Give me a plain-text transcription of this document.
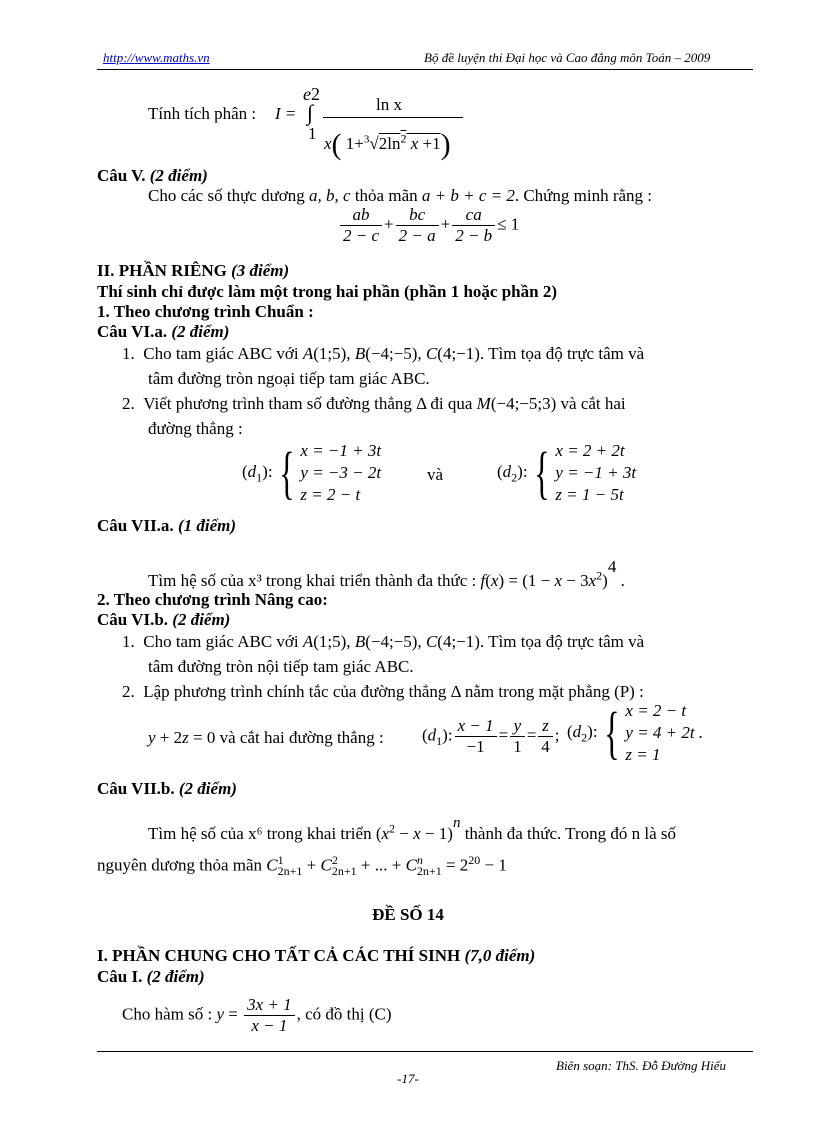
http://www.maths.vn	Bộ đề luyện thi Đại học và Cao đẳng môn Toán – 2009
Tính tích phân : I =
e2
∫
1
ln x
x( $1+^3√2\ln^2$ x +1)
Câu V. (2 điểm)
Cho các số thực dương a, b, c thỏa mãn a + b + c = 2. Chứng minh rằng :
$\frac{ab}{2 - c} + \frac{bc}{2 - a} + \frac{ca}{2 - b} \le 1$
II. PHẦN RIÊNG (3 điểm)
Thí sinh chỉ được làm một trong hai phần (phần 1 hoặc phần 2)
1. Theo chương trình Chuẩn :
Câu VI.a. (2 điểm)
1.  Cho tam giác ABC với A(1;5), B(−4;−5), C(4;−1). Tìm tọa độ trực tâm và
tâm đường tròn ngoại tiếp tam giác ABC.
2.  Viết phương trình tham số đường thẳng Δ đi qua M(−4;−5;3) và cắt hai
đường thẳng :
$(d_1)$: { x = −1 + 3t
y = −3 − 2t
z = 2 − t
và	$(d_2)$: { x = 2 + 2t
y = −1 + 3t
z = 1 − 5t
Câu VII.a. (1 điểm)
Tìm hệ số của x³ trong khai triển thành đa thức : $f(x) = (1 - x - 3x^2)^4$ .
2. Theo chương trình Nâng cao:
Câu VI.b. (2 điểm)
1.  Cho tam giác ABC với A(1;5), B(−4;−5), C(4;−1). Tìm tọa độ trực tâm và
tâm đường tròn nội tiếp tam giác ABC.
2.  Lập phương trình chính tắc của đường thẳng Δ nằm trong mặt phẳng (P) :
y + 2z = 0 và cắt hai đường thẳng : $(d_1)$: $\frac{x - 1}{-1} = \frac{y}{1} = \frac{z}{4}$ ; $(d_2)$: { x = 2 − t
y = 4 + 2t .
z = 1
Câu VII.b. (2 điểm)
Tìm hệ số của x⁶ trong khai triển $(x^2 - x - 1)^n$ thành đa thức. Trong đó n là số
nguyên dương thỏa mãn $C^1_{2n+1} + C^2_{2n+1}$ + ... + $C^n_{2n+1} = 2^{20} - 1$
ĐỀ SỐ 14
I. PHẦN CHUNG CHO TẤT CẢ CÁC THÍ SINH (7,0 điểm)
Câu I. (2 điểm)
Cho hàm số : $y = \frac{3x + 1}{x - 1}$ , có đồ thị (C)
Biên soạn: ThS. Đỗ Đường Hiếu
-17-
